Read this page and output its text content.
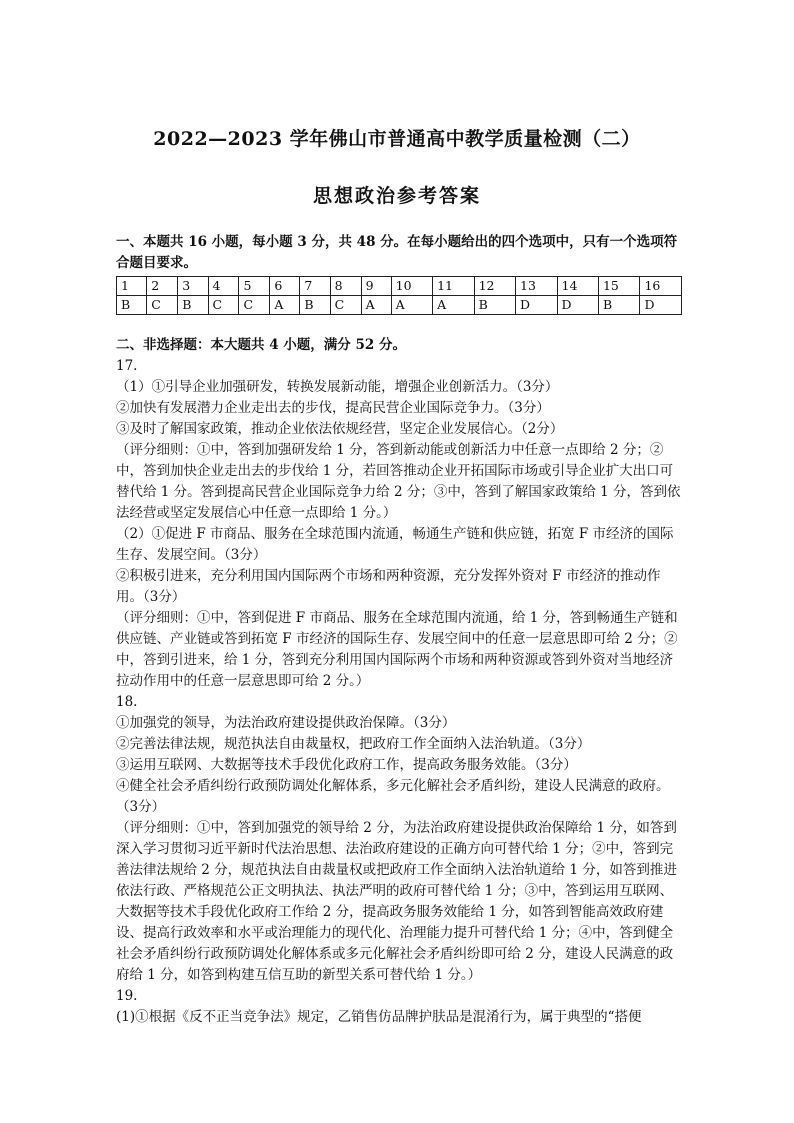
2022—2023 学年佛山市普通高中教学质量检测（二）
思想政治参考答案

一、本题共 16 小题，每小题 3 分，共 48 分。在每小题给出的四个选项中，只有一个选项符合题目要求。

1	2	3	4	5	6	7	8	9	10	11	12	13	14	15	16
B	C	B	C	C	A	B	C	A	A	A	B	D	D	B	D

二、非选择题：本大题共 4 小题，满分 52 分。

17.

（1）①引导企业加强研发，转换发展新动能，增强企业创新活力。（3分）

②加快有发展潜力企业走出去的步伐，提高民营企业国际竞争力。（3分）

③及时了解国家政策，推动企业依法依规经营，坚定企业发展信心。（2分）

（评分细则：①中，答到加强研发给 1 分，答到新动能或创新活力中任意一点即给 2 分；②中，答到加快企业走出去的步伐给 1 分，若回答推动企业开拓国际市场或引导企业扩大出口可替代给 1 分。答到提高民营企业国际竞争力给 2 分；③中，答到了解国家政策给 1 分，答到依法经营或坚定发展信心中任意一点即给 1 分。）

（2）①促进 F 市商品、服务在全球范围内流通，畅通生产链和供应链，拓宽 F 市经济的国际生存、发展空间。（3分）

②积极引进来，充分利用国内国际两个市场和两种资源，充分发挥外资对 F 市经济的推动作用。（3分）

（评分细则：①中，答到促进 F 市商品、服务在全球范围内流通，给 1 分，答到畅通生产链和供应链、产业链或答到拓宽 F 市经济的国际生存、发展空间中的任意一层意思即可给 2 分；②中，答到引进来，给 1 分，答到充分利用国内国际两个市场和两种资源或答到外资对当地经济拉动作用中的任意一层意思即可给 2 分。）

18.

①加强党的领导，为法治政府建设提供政治保障。（3分）

②完善法律法规，规范执法自由裁量权，把政府工作全面纳入法治轨道。（3分）

③运用互联网、大数据等技术手段优化政府工作，提高政务服务效能。（3分）

④健全社会矛盾纠纷行政预防调处化解体系，多元化解社会矛盾纠纷，建设人民满意的政府。（3分）

（评分细则：①中，答到加强党的领导给 2 分，为法治政府建设提供政治保障给 1 分，如答到深入学习贯彻习近平新时代法治思想、法治政府建设的正确方向可替代给 1 分；②中，答到完善法律法规给 2 分，规范执法自由裁量权或把政府工作全面纳入法治轨道给 1 分，如答到推进依法行政、严格规范公正文明执法、执法严明的政府可替代给 1 分；③中，答到运用互联网、大数据等技术手段优化政府工作给 2 分，提高政务服务效能给 1 分，如答到智能高效政府建设、提高行政效率和水平或治理能力的现代化、治理能力提升可替代给 1 分；④中，答到健全社会矛盾纠纷行政预防调处化解体系或多元化解社会矛盾纠纷即可给 2 分，建设人民满意的政府给 1 分，如答到构建互信互助的新型关系可替代给 1 分。）

19.

(1)①根据《反不正当竞争法》规定，乙销售仿品牌护肤品是混淆行为，属于典型的“搭便
